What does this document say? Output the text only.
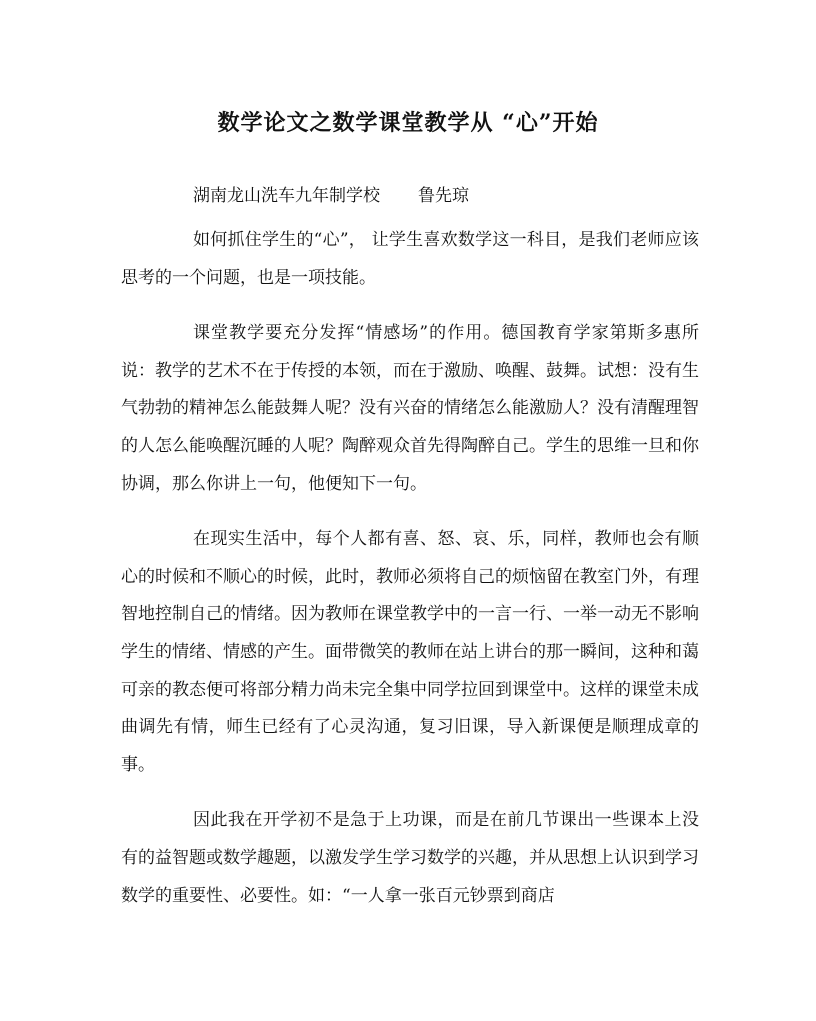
数学论文之数学课堂教学从 “心”开始
湖南龙山洗车九年制学校 鲁先琼

如何抓住学生的“心”， 让学生喜欢数学这一科目，是我们老师应该思考的一个问题，也是一项技能。

课堂教学要充分发挥“情感场”的作用。德国教育学家第斯多惠所说：教学的艺术不在于传授的本领，而在于激励、唤醒、鼓舞。试想：没有生气勃勃的精神怎么能鼓舞人呢？没有兴奋的情绪怎么能激励人？没有清醒理智的人怎么能唤醒沉睡的人呢？陶醉观众首先得陶醉自己。学生的思维一旦和你协调，那么你讲上一句，他便知下一句。

在现实生活中，每个人都有喜、怒、哀、乐，同样，教师也会有顺心的时候和不顺心的时候，此时，教师必须将自己的烦恼留在教室门外，有理智地控制自己的情绪。因为教师在课堂教学中的一言一行、一举一动无不影响学生的情绪、情感的产生。面带微笑的教师在站上讲台的那一瞬间，这种和蔼可亲的教态便可将部分精力尚未完全集中同学拉回到课堂中。这样的课堂未成曲调先有情，师生已经有了心灵沟通，复习旧课，导入新课便是顺理成章的事。

因此我在开学初不是急于上功课，而是在前几节课出一些课本上没有的益智题或数学趣题，以激发学生学习数学的兴趣，并从思想上认识到学习数学的重要性、必要性。如：“一人拿一张百元钞票到商店
